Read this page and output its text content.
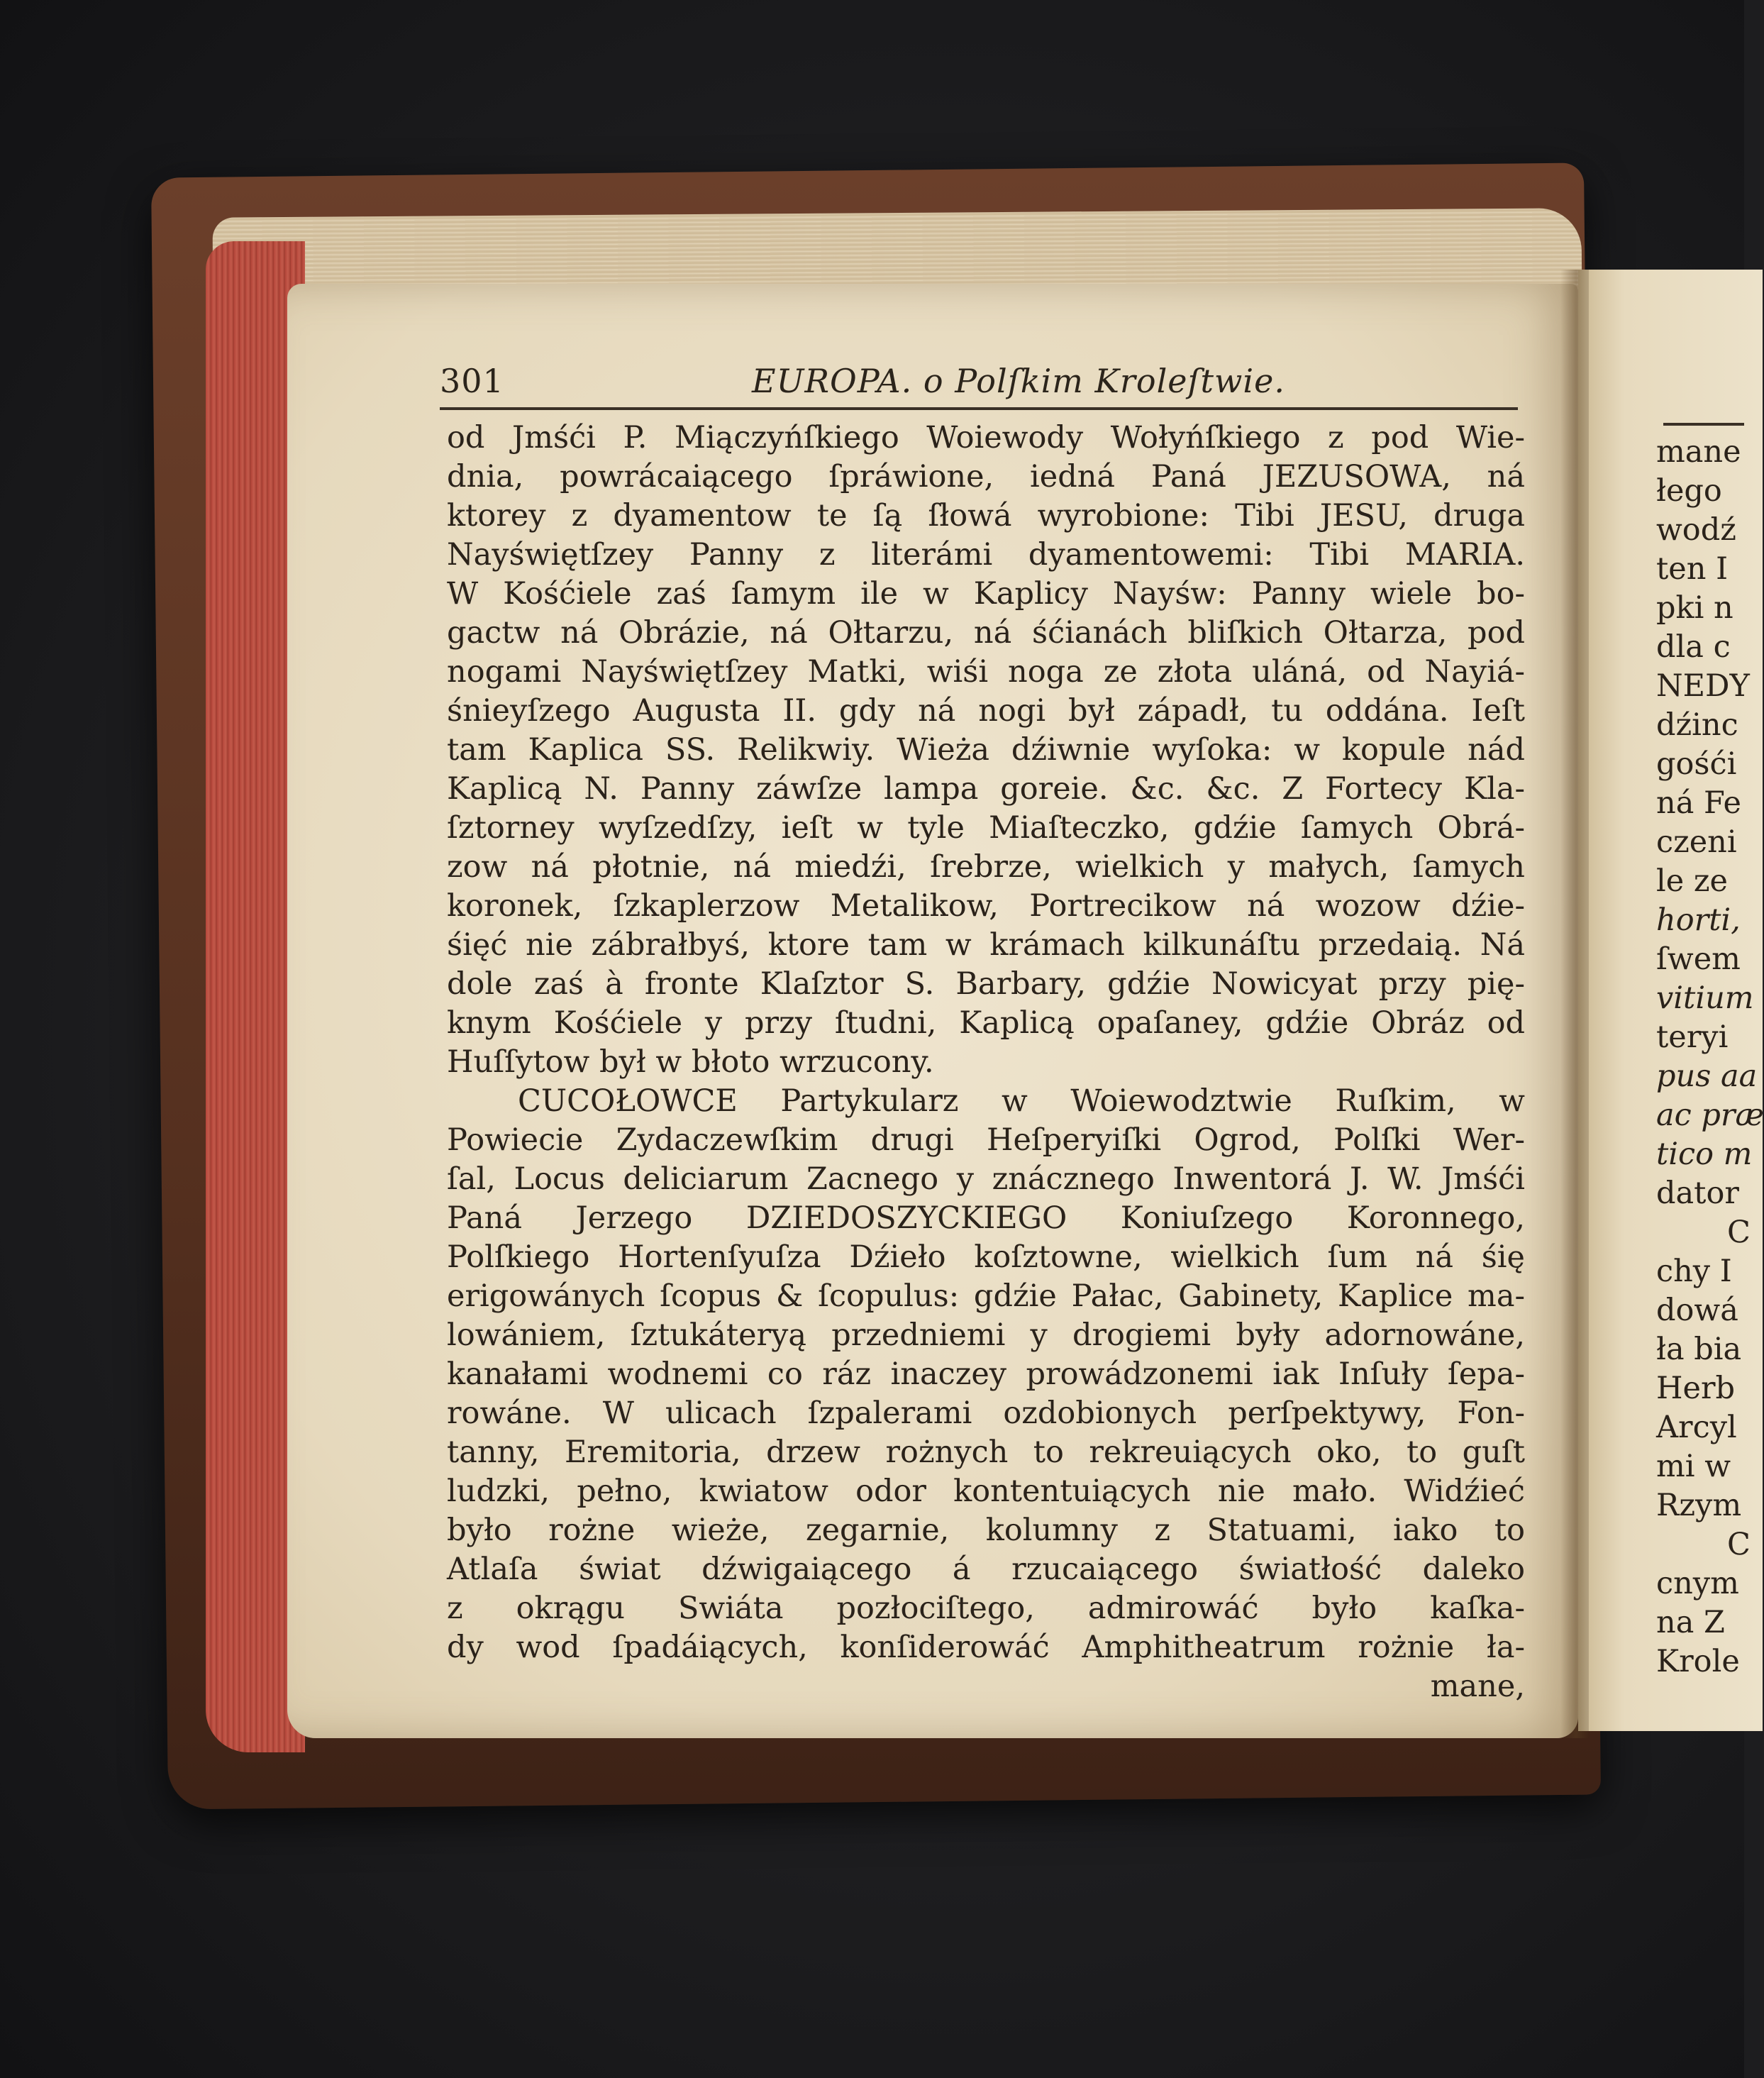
301	EUROPA. o Polſkim Kroleſtwie.
od Jmśći P. Miączyńſkiego Woiewody Wołyńſkiego z pod Wie-
dnia, powrácaiącego ſpráwione, iedná Paná JEZUSOWA, ná
ktorey z dyamentow te ſą ſłowá wyrobione: Tibi JESU, druga
Nayświętſzey Panny z literámi dyamentowemi: Tibi MARIA.
W Kośćiele zaś ſamym ile w Kaplicy Nayśw: Panny wiele bo-
gactw ná Obrázie, ná Ołtarzu, ná śćianách bliſkich Ołtarza, pod
nogami Nayświętſzey Matki, wiśi noga ze złota uláná, od Nayiá-
śnieyſzego Augusta II. gdy ná nogi był západł, tu oddána. Ieſt
tam Kaplica SS. Relikwiy. Wieża dźiwnie wyſoka: w kopule nád
Kaplicą N. Panny záwſze lampa goreie. &c. &c. Z Fortecy Kla-
ſztorney wyſzedſzy, ieſt w tyle Miaſteczko, gdźie ſamych Obrá-
zow ná płotnie, ná miedźi, ſrebrze, wielkich y małych, ſamych
koronek, ſzkaplerzow Metalikow, Portrecikow ná wozow dźie-
śięć nie zábrałbyś, ktore tam w krámach kilkunáſtu przedaią. Ná
dole zaś à fronte Klaſztor S. Barbary, gdźie Nowicyat przy pię-
knym Kośćiele y przy ſtudni, Kaplicą opaſaney, gdźie Obráz od
Huſſytow był w błoto wrzucony.
CUCOŁOWCE Partykularz w Woiewodztwie Ruſkim, w
Powiecie Zydaczewſkim drugi Heſperyiſki Ogrod, Polſki Wer-
ſal, Locus deliciarum Zacnego y znácznego Inwentorá J. W. Jmśći
Paná Jerzego DZIEDOSZYCKIEGO Koniuſzego Koronnego,
Polſkiego Hortenſyuſza Dźieło koſztowne, wielkich ſum ná śię
erigowánych ſcopus & ſcopulus: gdźie Pałac, Gabinety, Kaplice ma-
lowániem, ſztukáteryą przedniemi y drogiemi były adornowáne,
kanałami wodnemi co ráz inaczey prowádzonemi iak Inſuły ſepa-
rowáne. W ulicach ſzpalerami ozdobionych perſpektywy, Fon-
tanny, Eremitoria, drzew rożnych to rekreuiących oko, to guſt
ludzki, pełno, kwiatow odor kontentuiących nie mało. Widźieć
było rożne wieże, zegarnie, kolumny z Statuami, iako to
Atlaſa świat dźwigaiącego á rzucaiącego światłość daleko
z okrągu Swiáta pozłociſtego, admirowáć było kaſka-
dy wod ſpadáiących, konſiderowáć Amphitheatrum rożnie ła-
mane,
mane
łego
wodź
ten I
pki n
dla c
NEDY
dźinc
gośći
ná Fe
czeni
le ze
horti,
ſwem
vitium
teryi
pus aa
ac præ
tico m
dator
C
chy I
dowá
ła bia
Herb
Arcyl
mi w
Rzym
C
cnym
na Z
Krole
